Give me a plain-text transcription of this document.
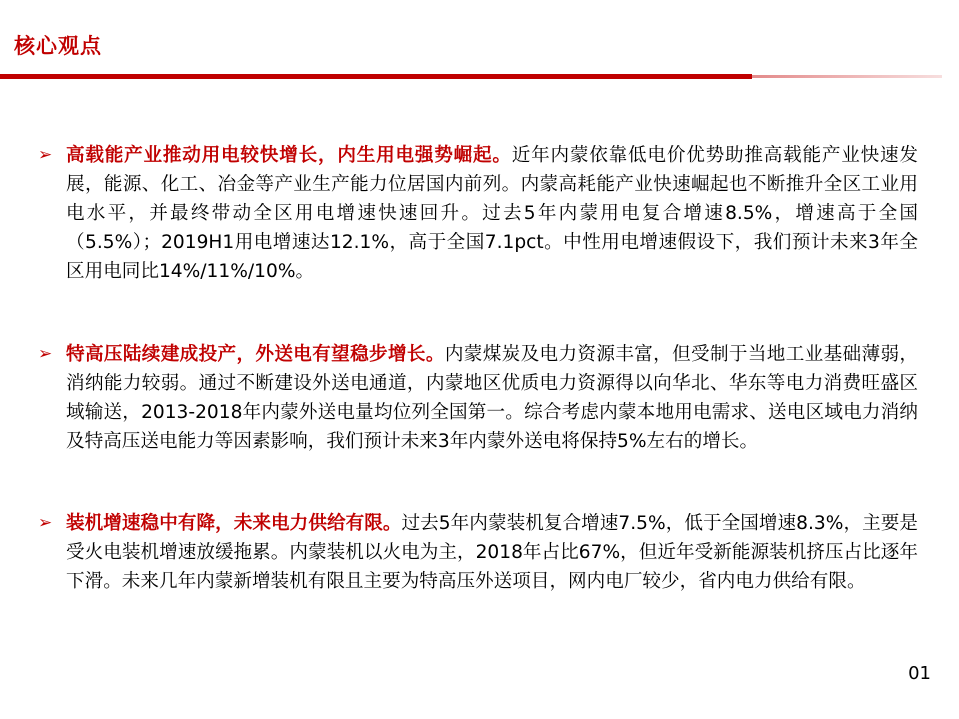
核心观点
➢ 高载能产业推动用电较快增长，内生用电强势崛起。近年内蒙依靠低电价优势助推高载能产业快速发展，能源、化工、冶金等产业生产能力位居国内前列。内蒙高耗能产业快速崛起也不断推升全区工业用电水平，并最终带动全区用电增速快速回升。过去5年内蒙用电复合增速8.5%，增速高于全国（5.5%）；2019H1用电增速达12.1%，高于全国7.1pct。中性用电增速假设下，我们预计未来3年全区用电同比14%/11%/10%。
➢ 特高压陆续建成投产，外送电有望稳步增长。内蒙煤炭及电力资源丰富，但受制于当地工业基础薄弱，消纳能力较弱。通过不断建设外送电通道，内蒙地区优质电力资源得以向华北、华东等电力消费旺盛区域输送，2013-2018年内蒙外送电量均位列全国第一。综合考虑内蒙本地用电需求、送电区域电力消纳及特高压送电能力等因素影响，我们预计未来3年内蒙外送电将保持5%左右的增长。
➢ 装机增速稳中有降，未来电力供给有限。过去5年内蒙装机复合增速7.5%，低于全国增速8.3%，主要是受火电装机增速放缓拖累。内蒙装机以火电为主，2018年占比67%，但近年受新能源装机挤压占比逐年下滑。未来几年内蒙新增装机有限且主要为特高压外送项目，网内电厂较少，省内电力供给有限。
01
